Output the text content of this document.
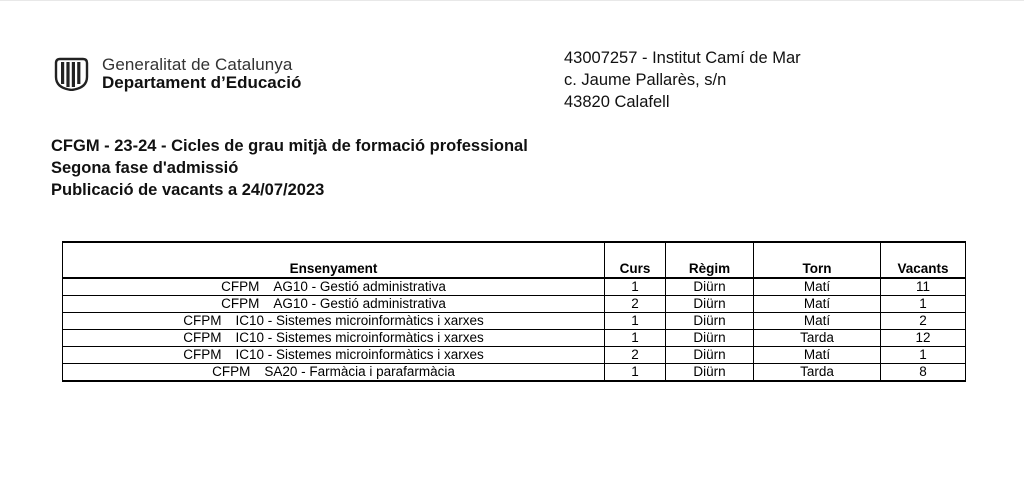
Generalitat de Catalunya
Departament d’Educació
43007257 - Institut Camí de Mar
c. Jaume Pallarès, s/n
43820 Calafell
CFGM - 23-24 - Cicles de grau mitjà de formació professional
Segona fase d'admissió
Publicació de vacants a 24/07/2023
Ensenyament	Curs	Règim	Torn	Vacants
CFPM AG10 - Gestió administrativa	1	Diürn	Matí	11
CFPM AG10 - Gestió administrativa	2	Diürn	Matí	1
CFPM IC10 - Sistemes microinformàtics i xarxes	1	Diürn	Matí	2
CFPM IC10 - Sistemes microinformàtics i xarxes	1	Diürn	Tarda	12
CFPM IC10 - Sistemes microinformàtics i xarxes	2	Diürn	Matí	1
CFPM SA20 - Farmàcia i parafarmàcia	1	Diürn	Tarda	8
